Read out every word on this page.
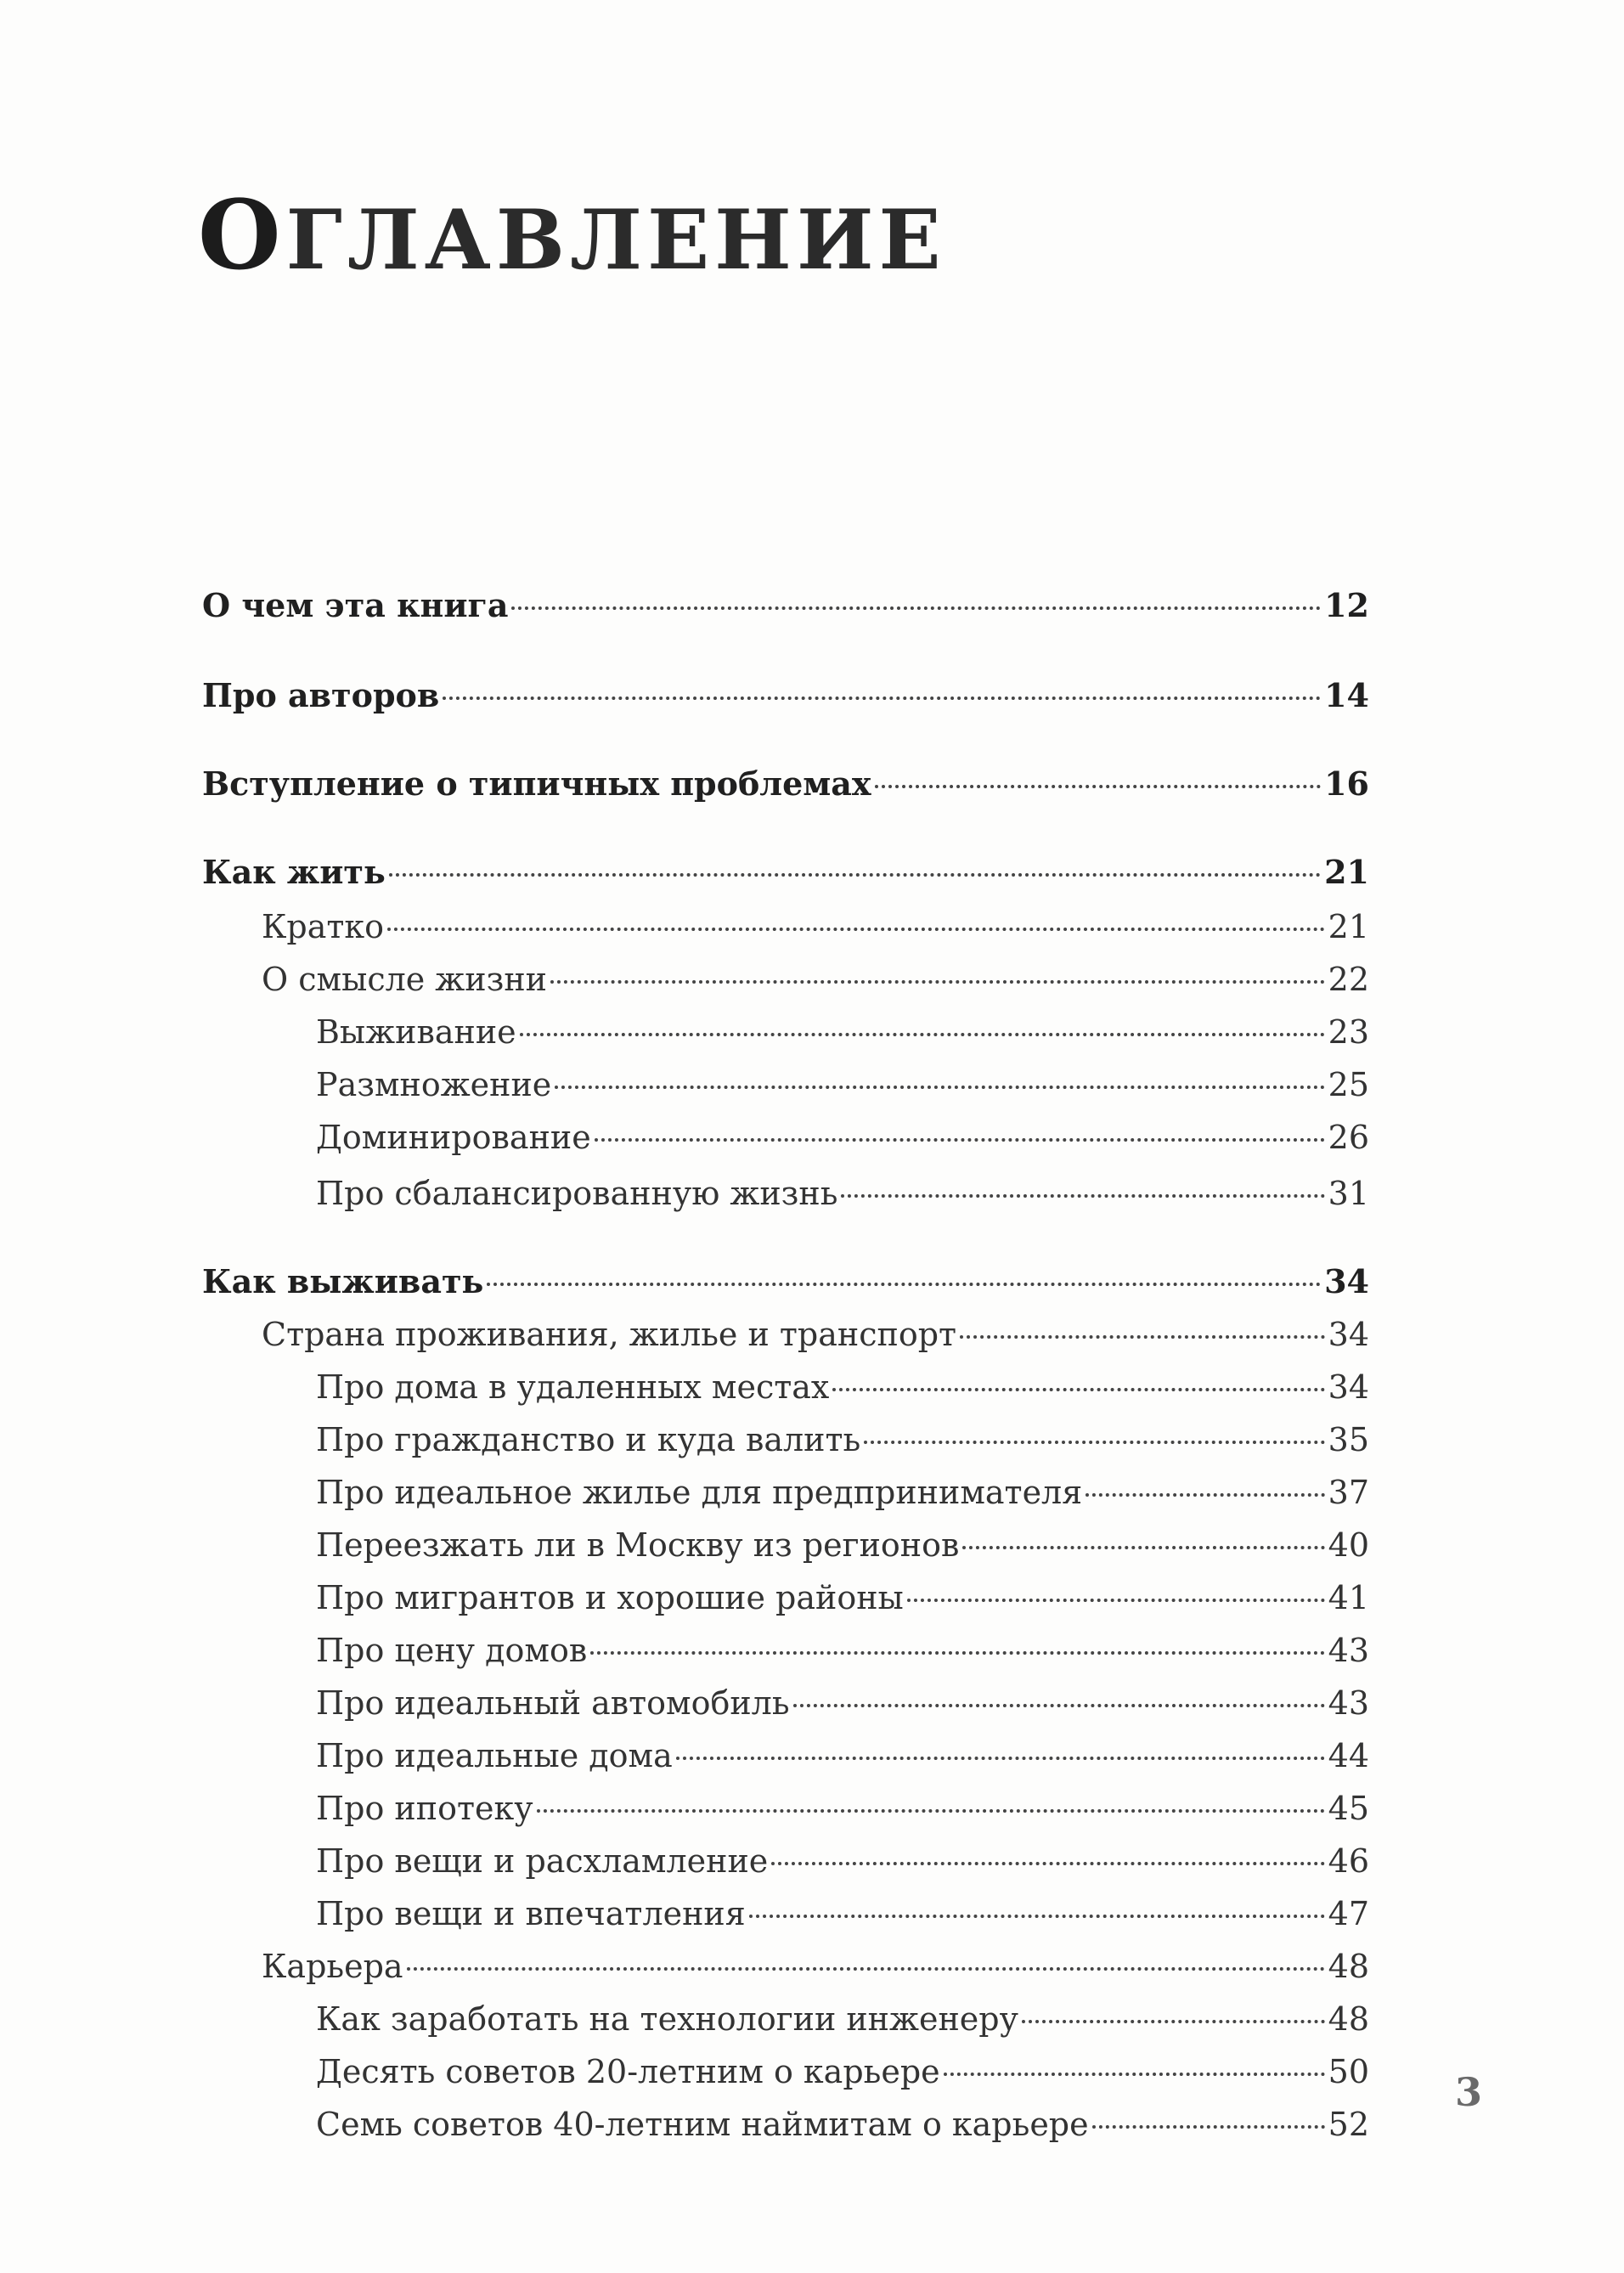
ОГЛАВЛЕНИЕ
О чем эта книга	12
Про авторов	14
Вступление о типичных проблемах	16
Как жить	21
Кратко	21
О смысле жизни	22
Выживание	23
Размножение	25
Доминирование	26
Про сбалансированную жизнь	31
Как выживать	34
Страна проживания, жилье и транспорт	34
Про дома в удаленных местах	34
Про гражданство и куда валить	35
Про идеальное жилье для предпринимателя	37
Переезжать ли в Москву из регионов	40
Про мигрантов и хорошие районы	41
Про цену домов	43
Про идеальный автомобиль	43
Про идеальные дома	44
Про ипотеку	45
Про вещи и расхламление	46
Про вещи и впечатления	47
Карьера	48
Как заработать на технологии инженеру	48
Десять советов 20-летним о карьере	50
Семь советов 40-летним наймитам о карьере	52
3
